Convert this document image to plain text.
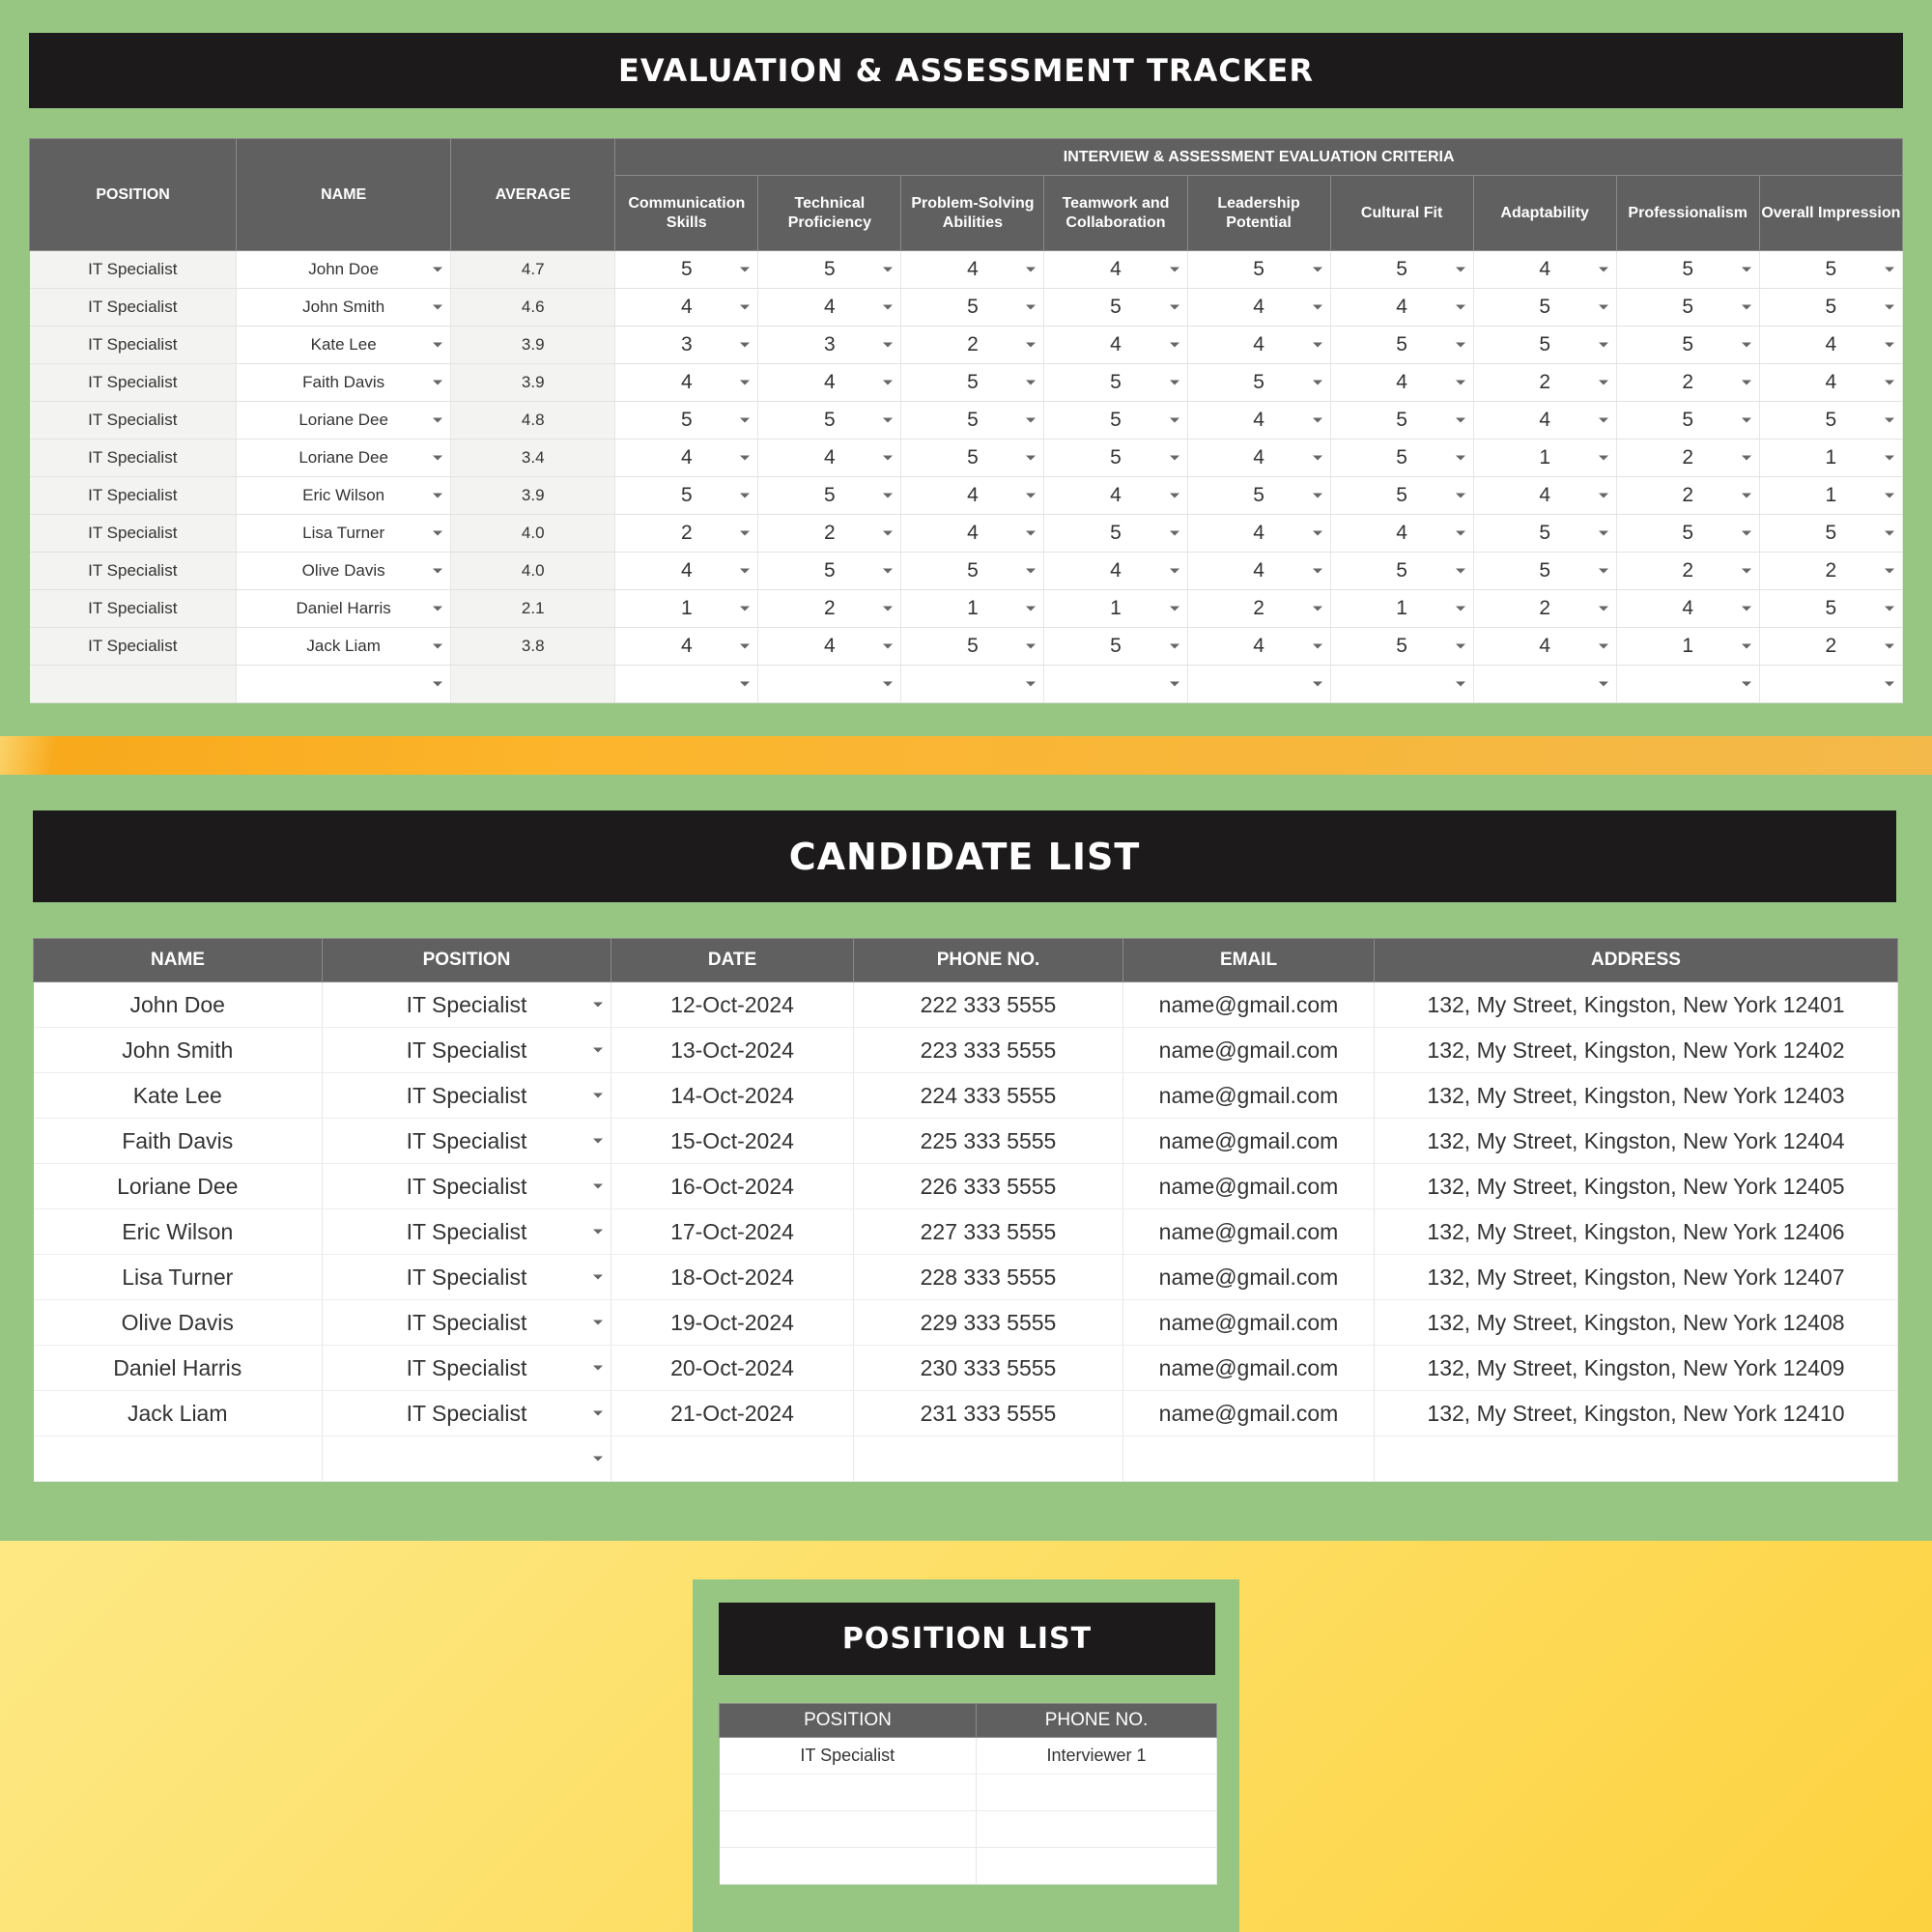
EVALUATION & ASSESSMENT TRACKER
POSITION	NAME	AVERAGE	INTERVIEW & ASSESSMENT EVALUATION CRITERIA								
			Communication Skills	Technical Proficiency	Problem-Solving Abilities	Teamwork and Collaboration	Leadership Potential	Cultural Fit	Adaptability	Professionalism	Overall Impression
IT Specialist	John Doe	4.7	5	5	4	4	5	5	4	5	5

IT Specialist	John Smith	4.6	4	4	5	5	4	4	5	5	5

IT Specialist	Kate Lee	3.9	3	3	2	4	4	5	5	5	4

IT Specialist	Faith Davis	3.9	4	4	5	5	5	4	2	2	4

IT Specialist	Loriane Dee	4.8	5	5	5	5	4	5	4	5	5

IT Specialist	Loriane Dee	3.4	4	4	5	5	4	5	1	2	1

IT Specialist	Eric Wilson	3.9	5	5	4	4	5	5	4	2	1

IT Specialist	Lisa Turner	4.0	2	2	4	5	4	4	5	5	5

IT Specialist	Olive Davis	4.0	4	5	5	4	4	5	5	2	2

IT Specialist	Daniel Harris	2.1	1	2	1	1	2	1	2	4	5

IT Specialist	Jack Liam	3.8	4	4	5	5	4	5	4	1	2

CANDIDATE LIST
NAME	POSITION	DATE	PHONE NO.	EMAIL	ADDRESS
John Doe	IT Specialist	12-Oct-2024	222 333 5555	name@gmail.com	132, My Street, Kingston, New York 12401
John Smith	IT Specialist	13-Oct-2024	223 333 5555	name@gmail.com	132, My Street, Kingston, New York 12402
Kate Lee	IT Specialist	14-Oct-2024	224 333 5555	name@gmail.com	132, My Street, Kingston, New York 12403
Faith Davis	IT Specialist	15-Oct-2024	225 333 5555	name@gmail.com	132, My Street, Kingston, New York 12404
Loriane Dee	IT Specialist	16-Oct-2024	226 333 5555	name@gmail.com	132, My Street, Kingston, New York 12405
Eric Wilson	IT Specialist	17-Oct-2024	227 333 5555	name@gmail.com	132, My Street, Kingston, New York 12406
Lisa Turner	IT Specialist	18-Oct-2024	228 333 5555	name@gmail.com	132, My Street, Kingston, New York 12407
Olive Davis	IT Specialist	19-Oct-2024	229 333 5555	name@gmail.com	132, My Street, Kingston, New York 12408
Daniel Harris	IT Specialist	20-Oct-2024	230 333 5555	name@gmail.com	132, My Street, Kingston, New York 12409
Jack Liam	IT Specialist	21-Oct-2024	231 333 5555	name@gmail.com	132, My Street, Kingston, New York 12410

POSITION LIST
POSITION	PHONE NO.
IT Specialist	Interviewer 1
